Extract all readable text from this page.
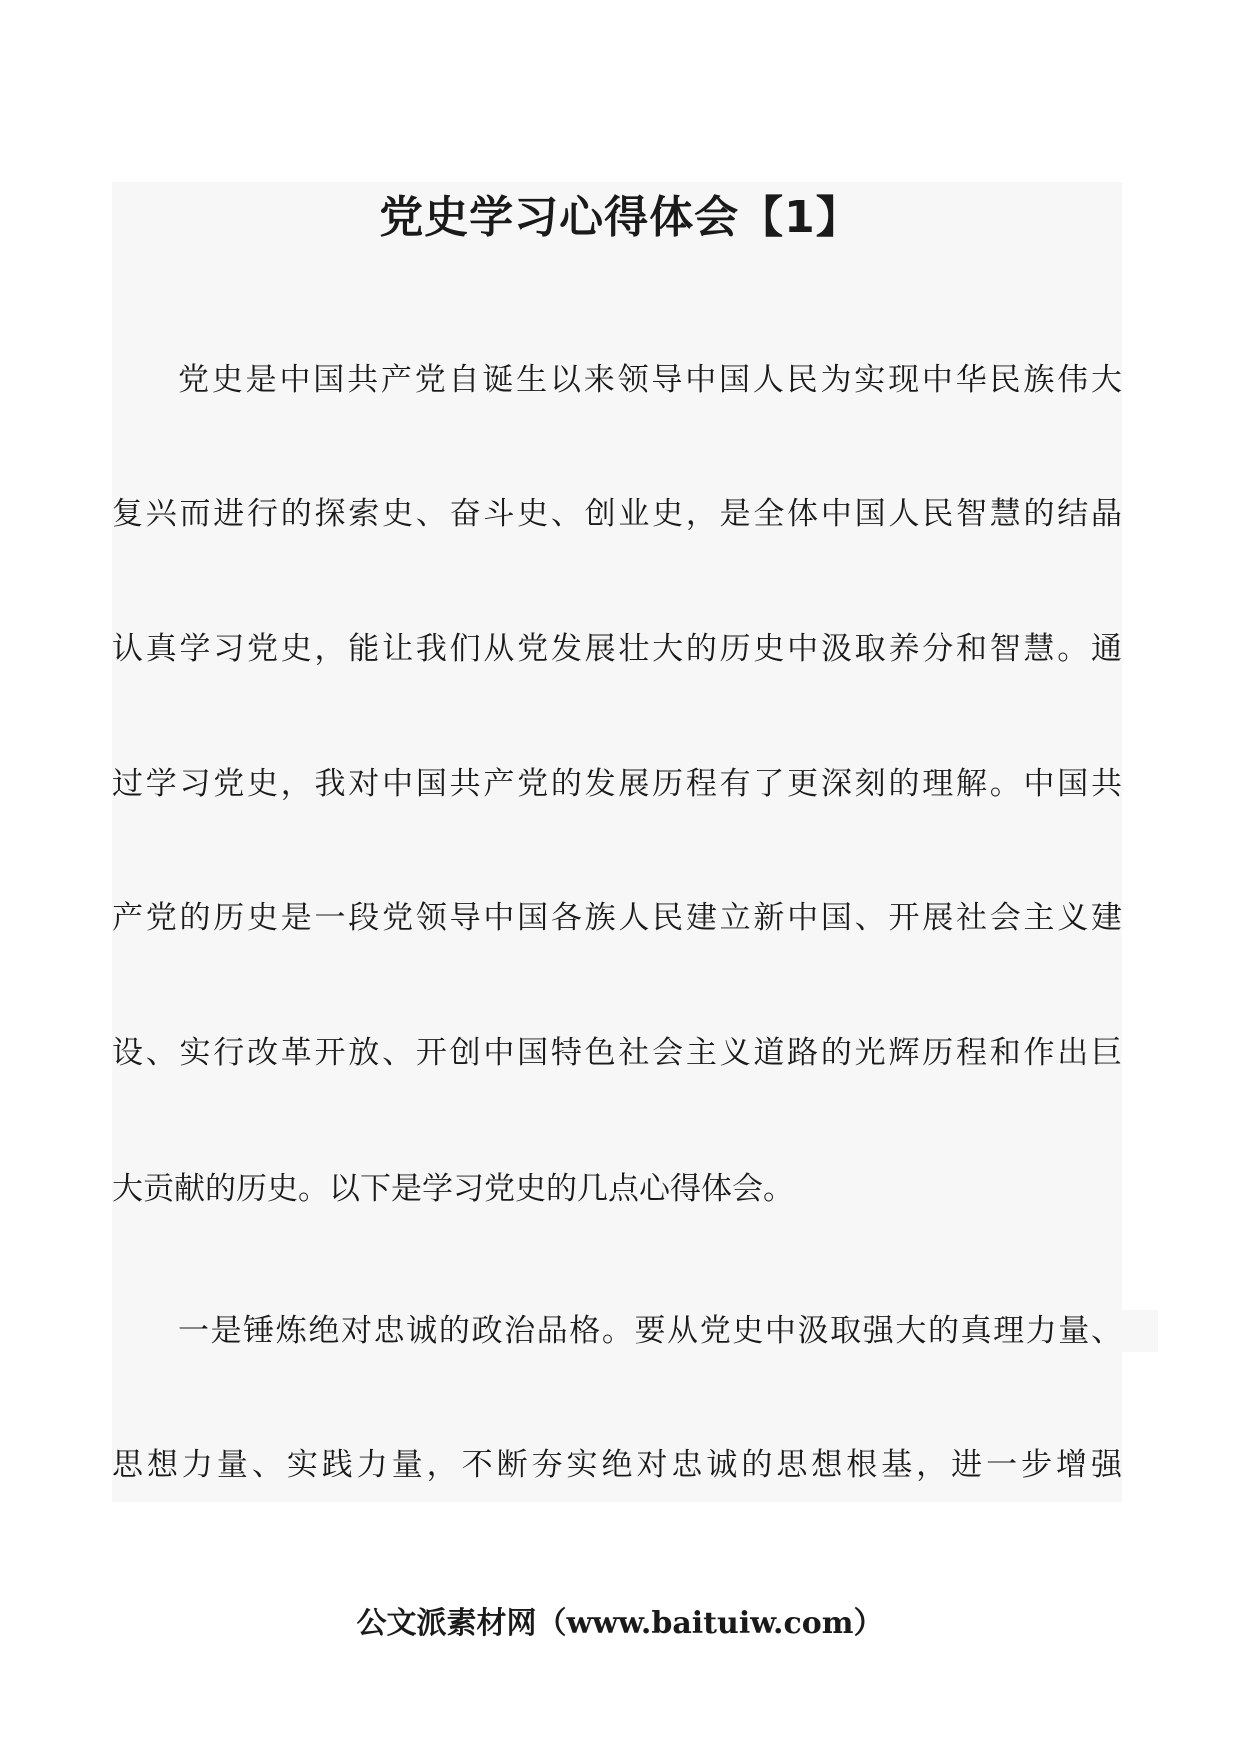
党史学习心得体会【1】
党史是中国共产党自诞生以来领导中国人民为实现中华民族伟大
复兴而进行的探索史、奋斗史、创业史，是全体中国人民智慧的结晶
认真学习党史，能让我们从党发展壮大的历史中汲取养分和智慧。通
过学习党史，我对中国共产党的发展历程有了更深刻的理解。中国共
产党的历史是一段党领导中国各族人民建立新中国、开展社会主义建
设、实行改革开放、开创中国特色社会主义道路的光辉历程和作出巨
大贡献的历史。以下是学习党史的几点心得体会。
一是锤炼绝对忠诚的政治品格。要从党史中汲取强大的真理力量、
思想力量、实践力量，不断夯实绝对忠诚的思想根基，进一步增强
公文派素材网（www.baituiw.com）
